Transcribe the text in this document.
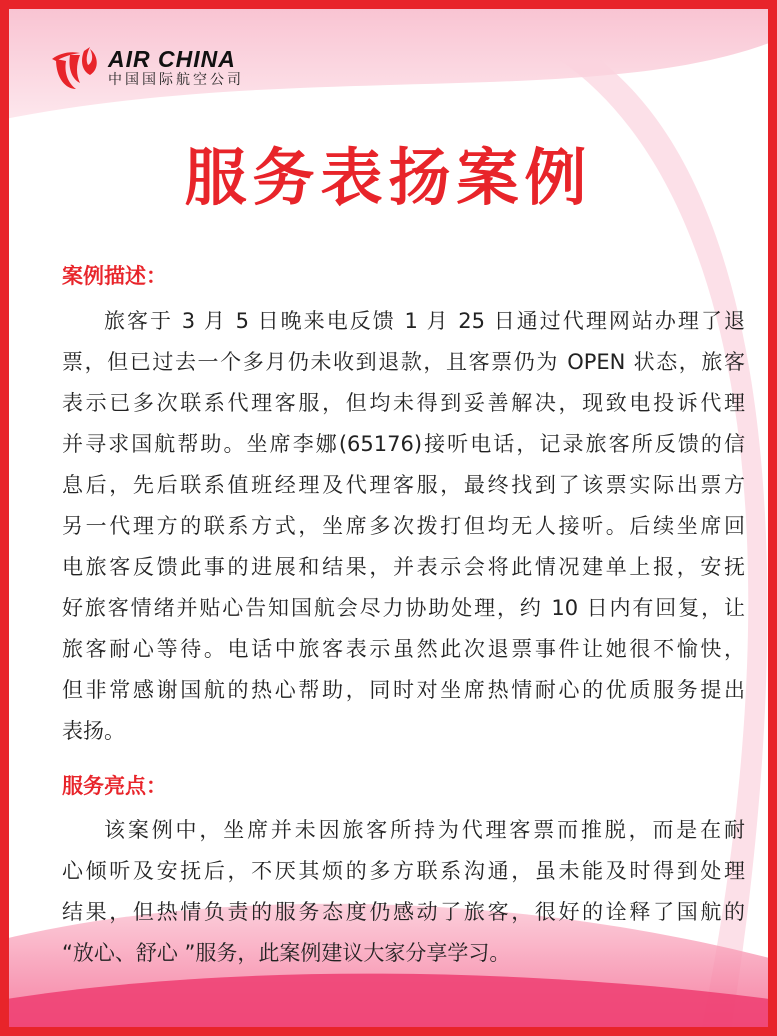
AIR CHINA
中国国际航空公司
服务表扬案例
案例描述：
旅客于 3 月 5 日晚来电反馈 1 月 25 日通过代理网站办理了退
票，但已过去一个多月仍未收到退款，且客票仍为 OPEN 状态，旅客
表示已多次联系代理客服，但均未得到妥善解决，现致电投诉代理
并寻求国航帮助。坐席李娜(65176)接听电话，记录旅客所反馈的信
息后，先后联系值班经理及代理客服，最终找到了该票实际出票方
另一代理方的联系方式，坐席多次拨打但均无人接听。后续坐席回
电旅客反馈此事的进展和结果，并表示会将此情况建单上报，安抚
好旅客情绪并贴心告知国航会尽力协助处理，约 10 日内有回复，让
旅客耐心等待。电话中旅客表示虽然此次退票事件让她很不愉快，
但非常感谢国航的热心帮助，同时对坐席热情耐心的优质服务提出
表扬。
服务亮点：
该案例中，坐席并未因旅客所持为代理客票而推脱，而是在耐
心倾听及安抚后，不厌其烦的多方联系沟通，虽未能及时得到处理
结果，但热情负责的服务态度仍感动了旅客，很好的诠释了国航的
“放心、舒心 ”服务，此案例建议大家分享学习。
